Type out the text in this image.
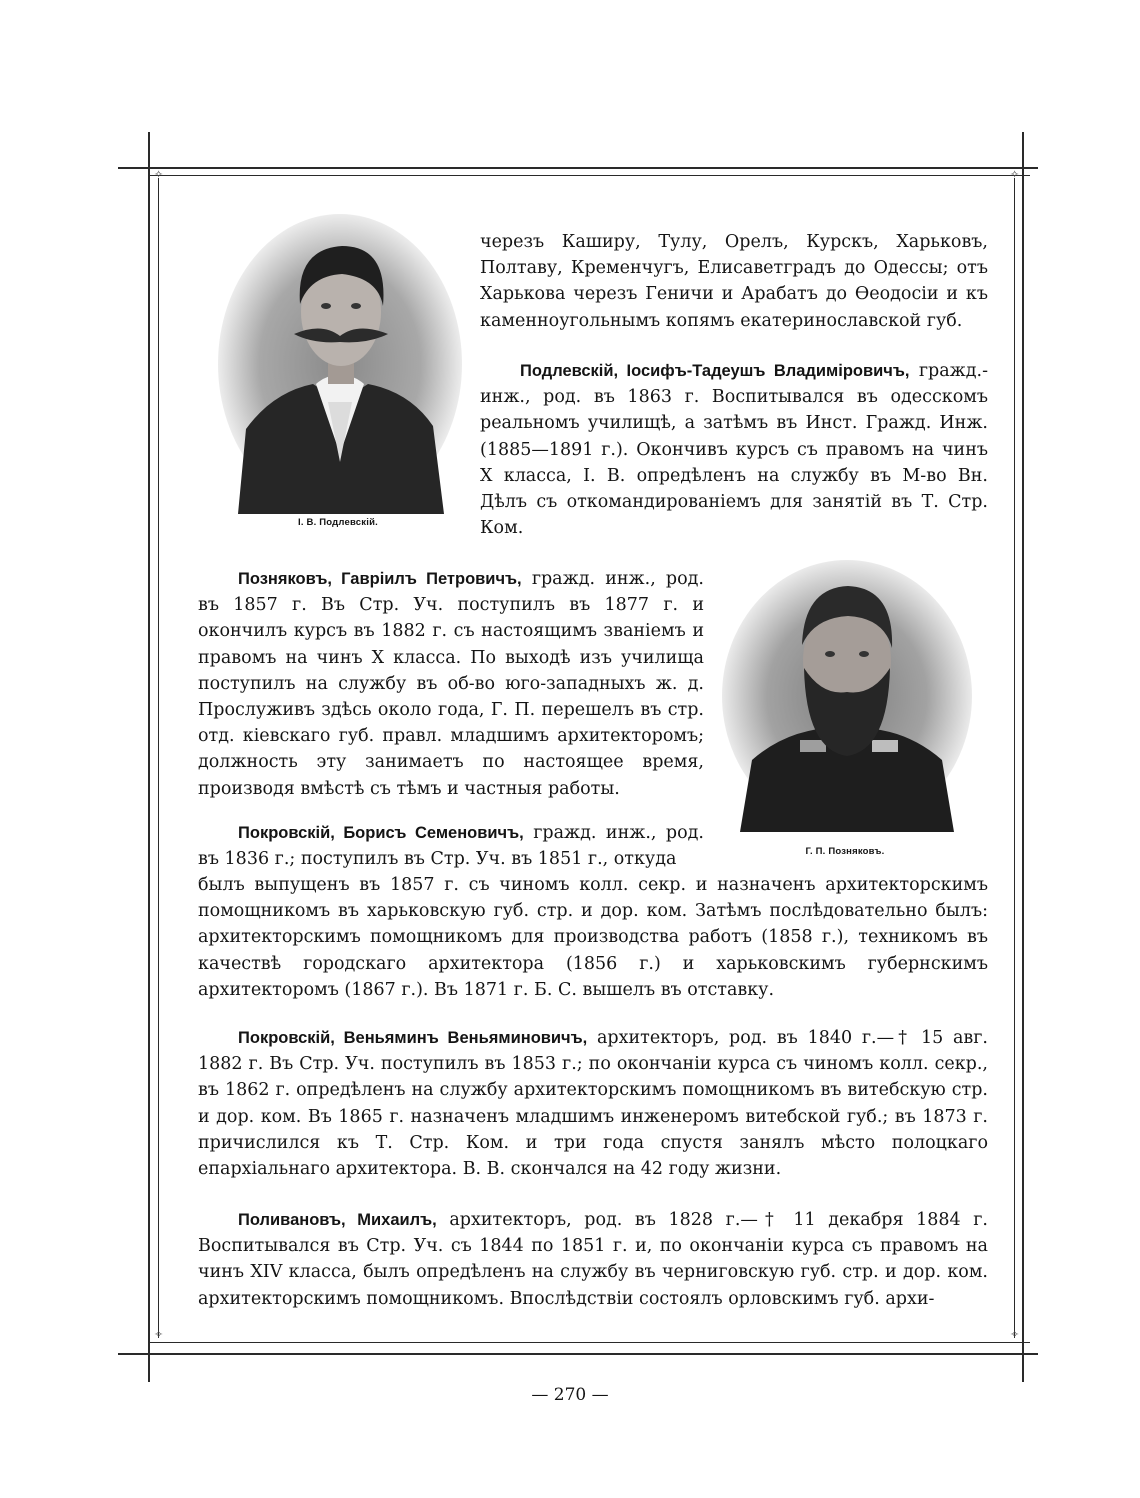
✧	✧
✧	✧
I. В. Подлевскій.
Г. П. Позняковъ.

черезъ Каширу, Тулу, Орелъ, Курскъ, Харьковъ, Полтаву, Кременчугъ, Елисаветградъ до Одессы; отъ Харькова черезъ Геничи и Арабатъ до Ѳеодосіи и къ каменноугольнымъ копямъ екатеринославской губ.

Подлевскій, Іосифъ-Тадеушъ Владиміровичъ, гражд.-инж., род. въ 1863 г. Воспитывался въ одесскомъ реальномъ училищѣ, а затѣмъ въ Инст. Гражд. Инж. (1885—1891 г.). Окончивъ курсъ съ правомъ на чинъ X класса, I. В. опредѣленъ на службу въ М-во Вн. Дѣлъ съ откомандированіемъ для занятій въ Т. Стр. Ком.

Позняковъ, Гавріилъ Петровичъ, гражд. инж., род. въ 1857 г. Въ Стр. Уч. поступилъ въ 1877 г. и окончилъ курсъ въ 1882 г. съ настоящимъ званіемъ и правомъ на чинъ X класса. По выходѣ изъ училища поступилъ на службу въ об-во юго-западныхъ ж. д. Прослуживъ здѣсь около года, Г. П. перешелъ въ стр. отд. кіевскаго губ. правл. младшимъ архитекторомъ; должность эту занимаетъ по настоящее время, производя вмѣстѣ съ тѣмъ и частныя работы.

Покровскій, Борисъ Семеновичъ, гражд. инж., род. въ 1836 г.; поступилъ въ Стр. Уч. въ 1851 г., откуда

былъ выпущенъ въ 1857 г. съ чиномъ колл. секр. и назначенъ архитекторскимъ помощникомъ въ харьковскую губ. стр. и дор. ком. Затѣмъ послѣдовательно былъ: архитекторскимъ помощникомъ для производства работъ (1858 г.), техникомъ въ качествѣ городскаго архитектора (1856 г.) и харьковскимъ губернскимъ архитекторомъ (1867 г.). Въ 1871 г. Б. С. вышелъ въ отставку.

Покровскій, Веньяминъ Веньяминовичъ, архитекторъ, род. въ 1840 г.—† 15 авг. 1882 г. Въ Стр. Уч. поступилъ въ 1853 г.; по окончаніи курса съ чиномъ колл. секр., въ 1862 г. опредѣленъ на службу архитекторскимъ помощникомъ въ витебскую стр. и дор. ком. Въ 1865 г. назначенъ младшимъ инженеромъ витебской губ.; въ 1873 г. причислился къ Т. Стр. Ком. и три года спустя занялъ мѣсто полоцкаго епархіальнаго архитектора. В. В. скончался на 42 году жизни.

Поливановъ, Михаилъ, архитекторъ, род. въ 1828 г.—† 11 декабря 1884 г. Воспитывался въ Стр. Уч. съ 1844 по 1851 г. и, по окончаніи курса съ правомъ на чинъ XIV класса, былъ опредѣленъ на службу въ черниговскую губ. стр. и дор. ком. архитекторскимъ помощникомъ. Впослѣдствіи состоялъ орловскимъ губ. архи-

— 270 —
